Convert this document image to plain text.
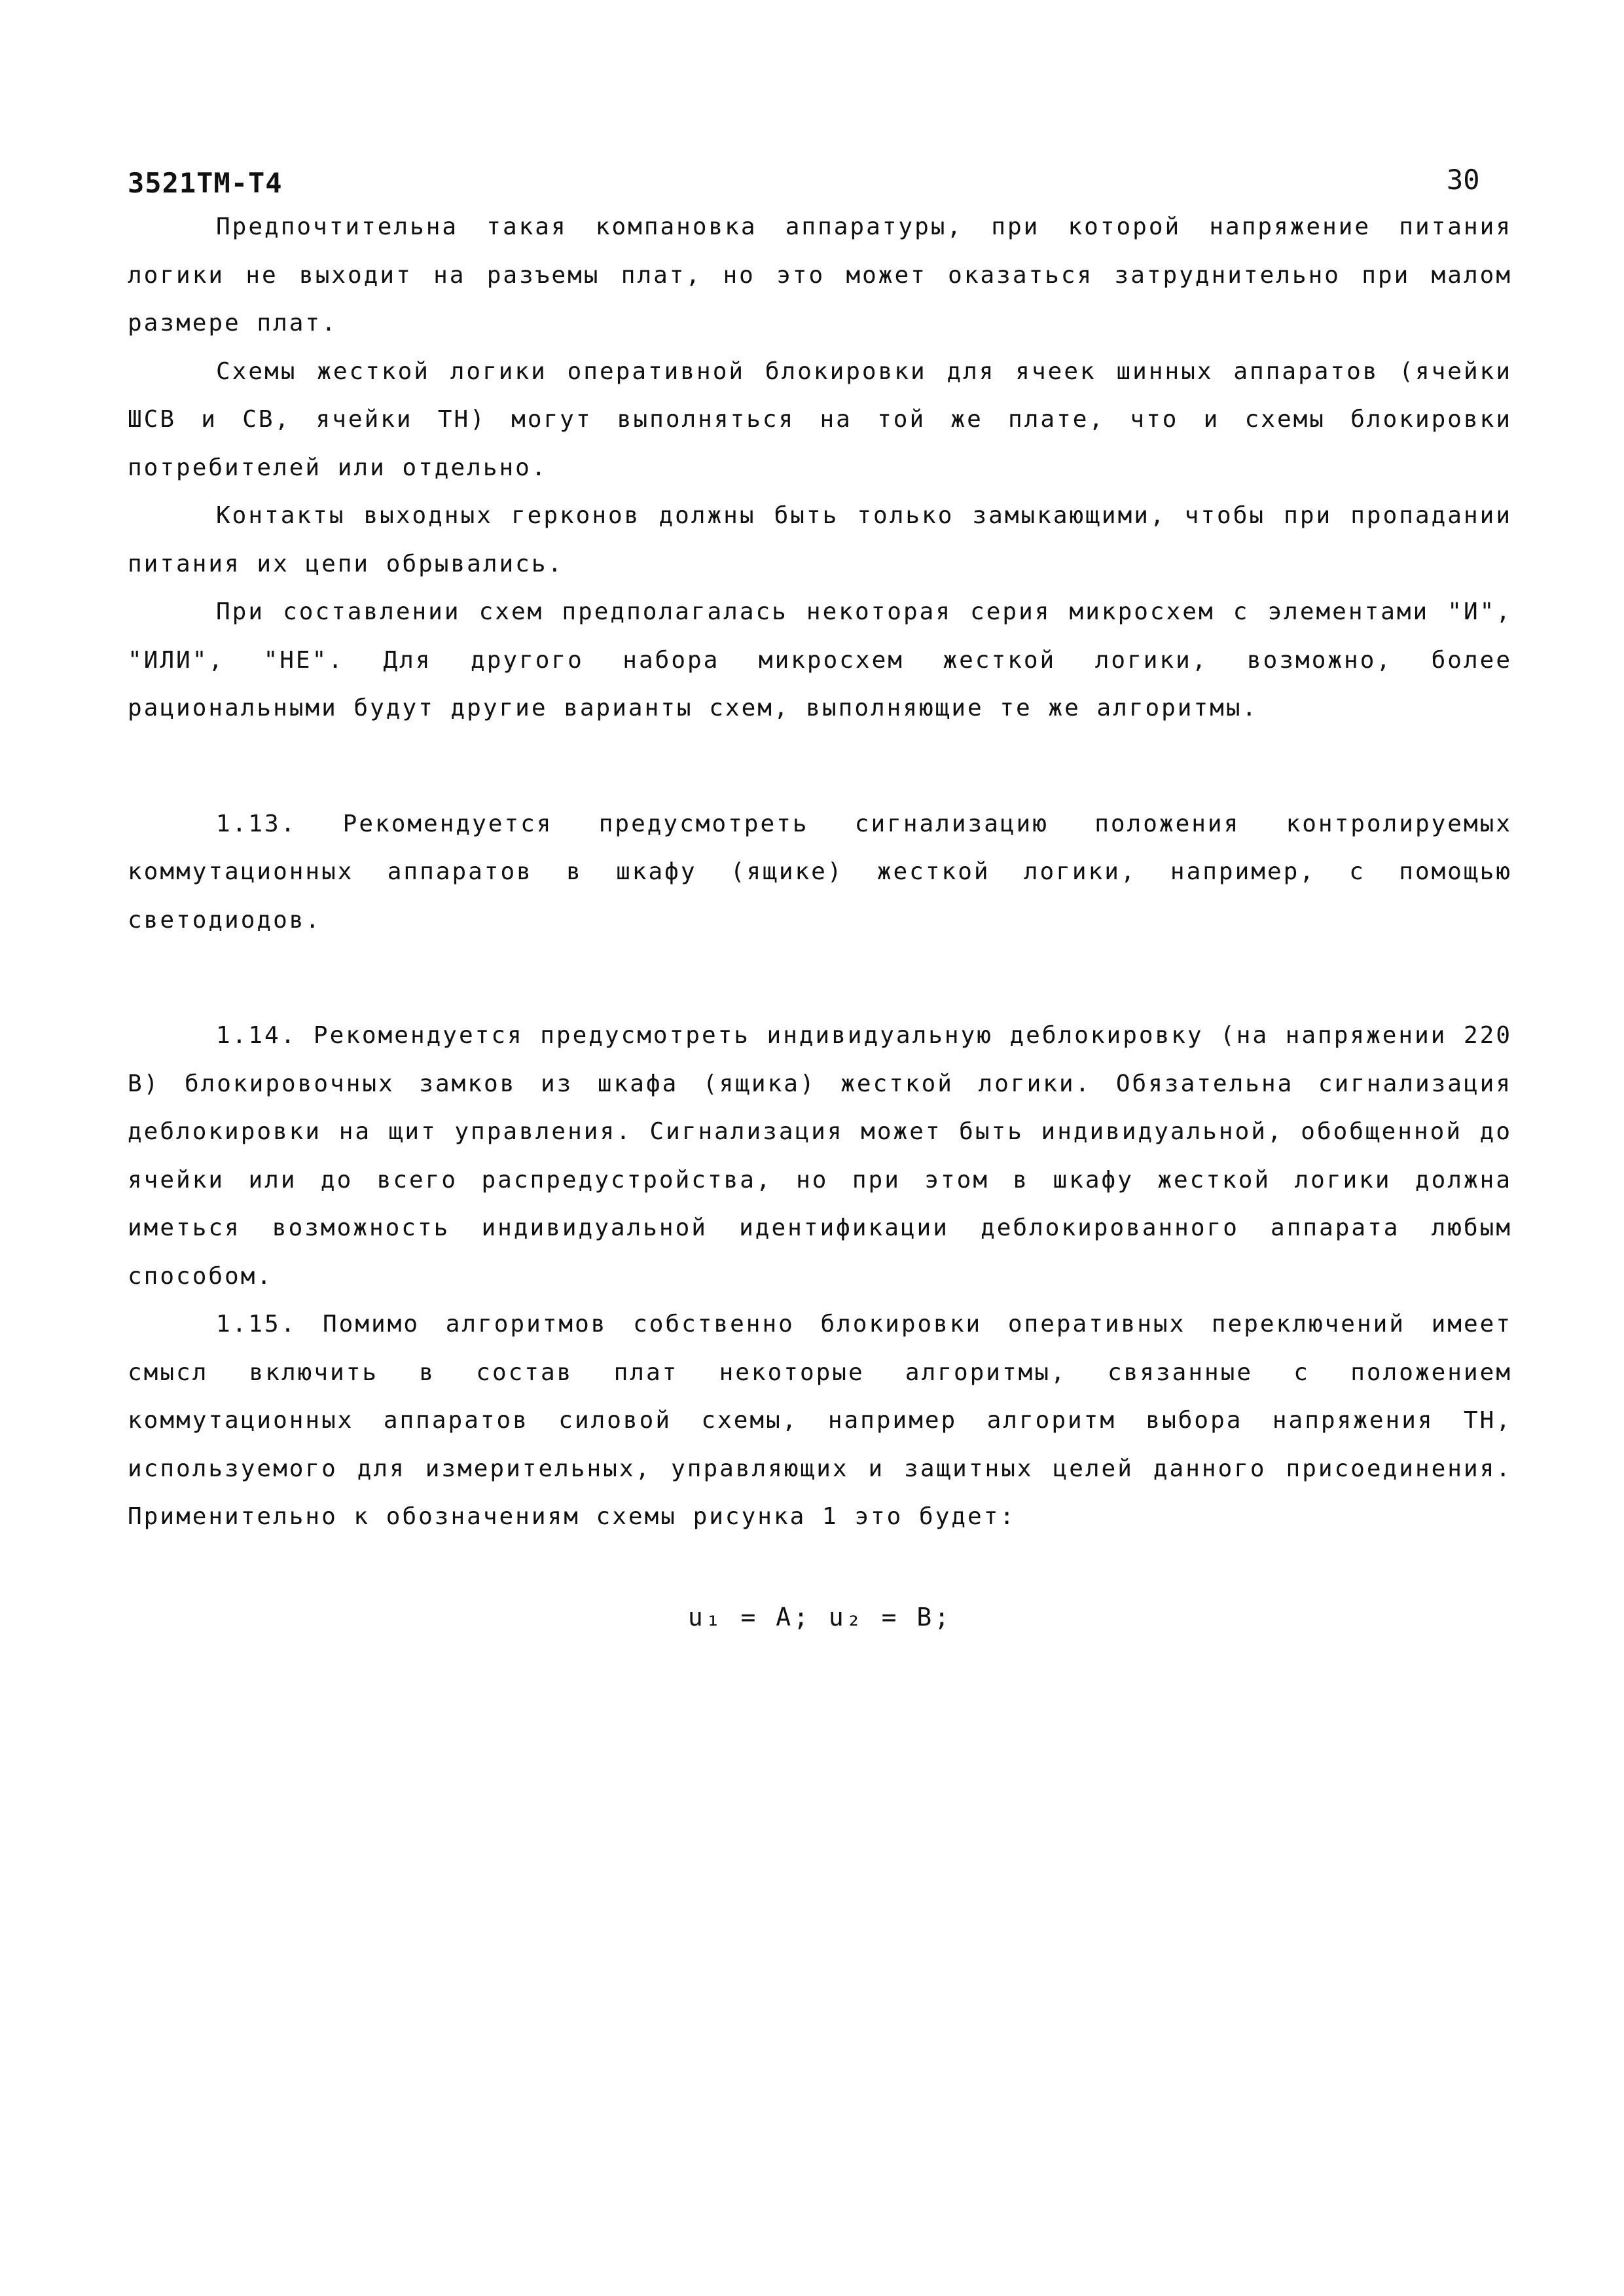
3521ТМ-Т4	30

Предпочтительна такая компановка аппаратуры, при которой напряжение питания логики не выходит на разъемы плат, но это может оказаться затруднительно при малом размере плат.

Схемы жесткой логики оперативной блокировки для ячеек шинных аппаратов (ячейки ШСВ и СВ, ячейки ТН) могут выполняться на той же плате, что и схемы блокировки потребителей или отдельно.

Контакты выходных герконов должны быть только замыкающими, чтобы при пропадании питания их цепи обрывались.

При составлении схем предполагалась некоторая серия микросхем с элементами "И", "ИЛИ", "НЕ". Для другого набора микросхем жесткой логики, возможно, более рациональными будут другие варианты схем, выполняющие те же алгоритмы.

1.13. Рекомендуется предусмотреть сигнализацию положения контролируемых коммутационных аппаратов в шкафу (ящике) жесткой логики, например, с помощью светодиодов.

1.14. Рекомендуется предусмотреть индивидуальную деблокировку (на напряжении 220 В) блокировочных замков из шкафа (ящика) жесткой логики. Обязательна сигнализация деблокировки на щит управления. Сигнализация может быть индивидуальной, обобщенной до ячейки или до всего распредустройства, но при этом в шкафу жесткой логики должна иметься возможность индивидуальной идентификации деблокированного аппарата любым способом.

1.15. Помимо алгоритмов собственно блокировки оперативных переключений имеет смысл включить в состав плат некоторые алгоритмы, связанные с положением коммутационных аппаратов силовой схемы, например алгоритм выбора напряжения ТН, используемого для измерительных, управляющих и защитных целей данного присоединения. Применительно к обозначениям схемы рисунка 1 это будет:

u₁ = A; u₂ = B;
